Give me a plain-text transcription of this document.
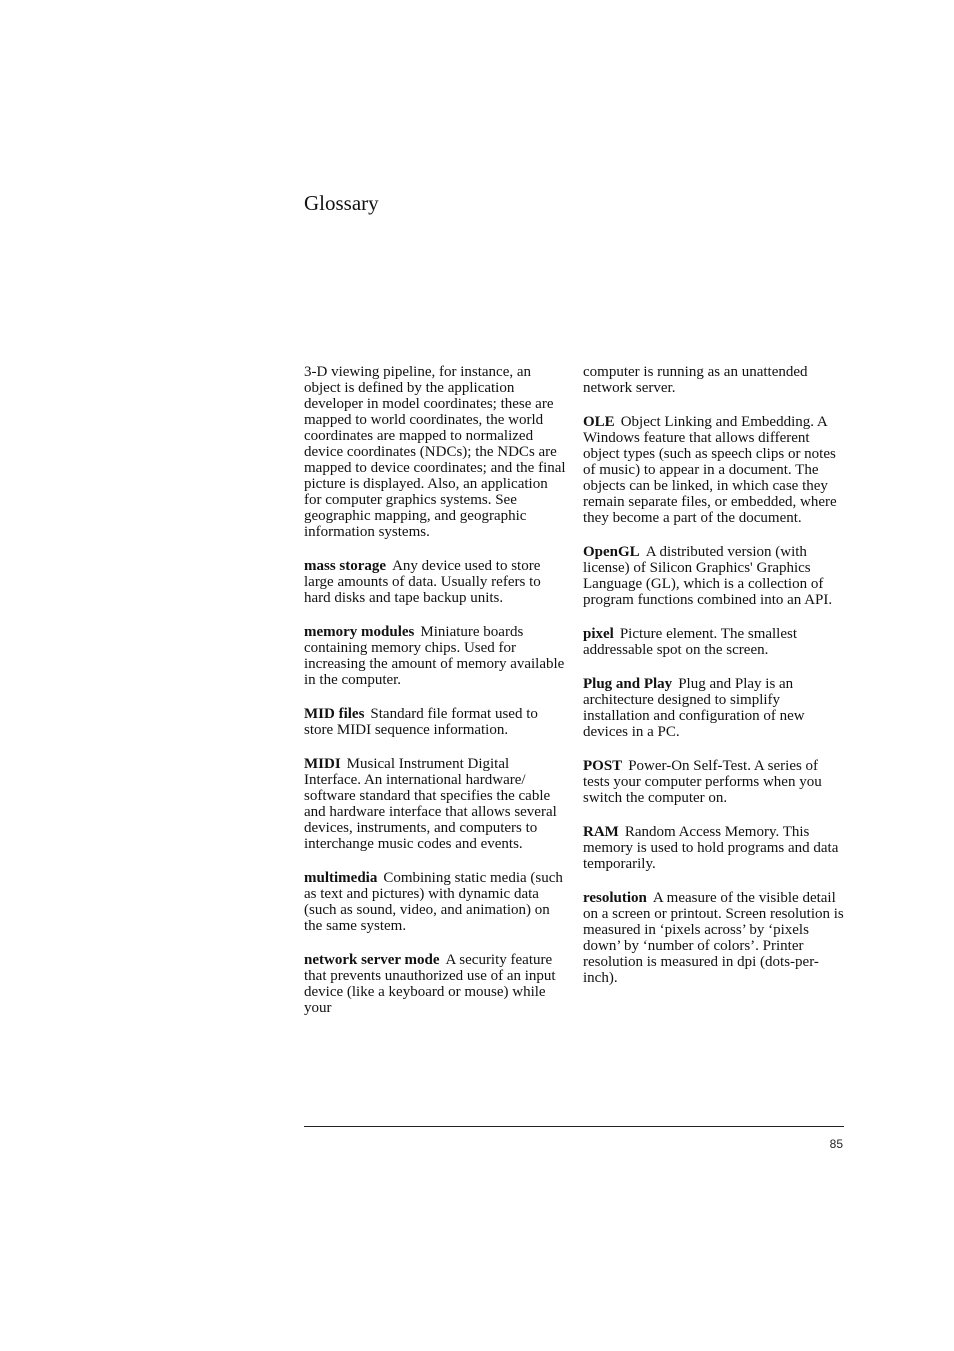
Glossary

3-D viewing pipeline, for instance, an object is defined by the application developer in model coordinates; these are mapped to world coordinates, the world coordinates are mapped to normalized device coordinates (NDCs); the NDCs are mapped to device coordinates; and the final picture is displayed. Also, an application for computer graphics systems. See geographic mapping, and geographic information systems.

mass storage Any device used to store large amounts of data. Usually refers to hard disks and tape backup units.

memory modules Miniature boards containing memory chips. Used for increasing the amount of memory available in the computer.

MID files Standard file format used to store MIDI sequence information.

MIDI Musical Instrument Digital Interface. An international hardware/ software standard that specifies the cable and hardware interface that allows several devices, instruments, and computers to interchange music codes and events.

multimedia Combining static media (such as text and pictures) with dynamic data (such as sound, video, and animation) on the same system.

network server mode A security feature that prevents unauthorized use of an input device (like a keyboard or mouse) while your

computer is running as an unattended network server.

OLE Object Linking and Embedding. A Windows feature that allows different object types (such as speech clips or notes of music) to appear in a document. The objects can be linked, in which case they remain separate files, or embedded, where they become a part of the document.

OpenGL A distributed version (with license) of Silicon Graphics' Graphics Language (GL), which is a collection of program functions combined into an API.

pixel Picture element. The smallest addressable spot on the screen.

Plug and Play Plug and Play is an architecture designed to simplify installation and configuration of new devices in a PC.

POST Power-On Self-Test. A series of tests your computer performs when you switch the computer on.

RAM Random Access Memory. This memory is used to hold programs and data temporarily.

resolution A measure of the visible detail on a screen or printout. Screen resolution is measured in ‘pixels across’ by ‘pixels down’ by ‘number of colors’. Printer resolution is measured in dpi (dots-per-inch).

85
